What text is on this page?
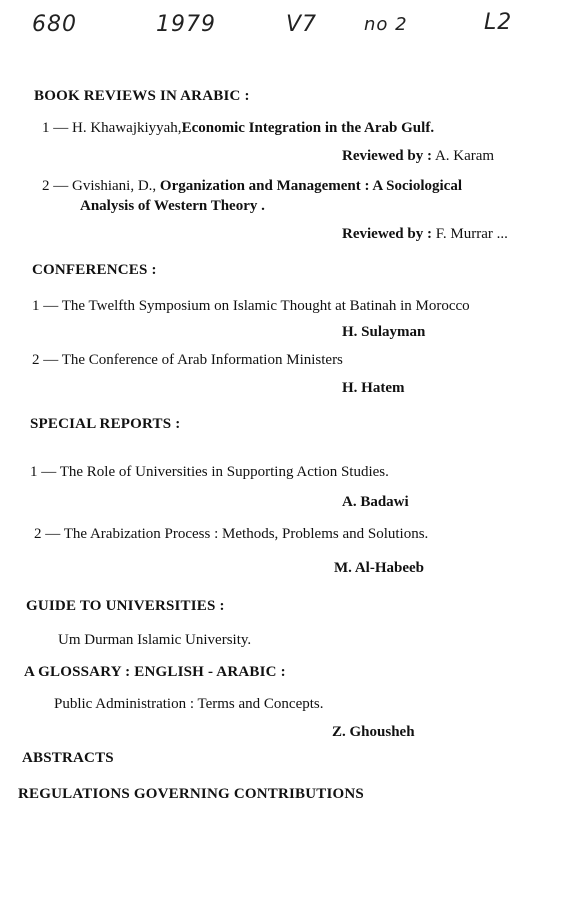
680	1979	V7	no 2	L2
BOOK REVIEWS IN ARABIC :
1 — H. Khawajkiyyah,Economic Integration in the Arab Gulf.
Reviewed by : A. Karam
2 — Gvishiani, D., Organization and Management : A Sociological
Analysis of Western Theory .
Reviewed by : F. Murrar ...
CONFERENCES :
1 — The Twelfth Symposium on Islamic Thought at Batinah in Morocco
H. Sulayman
2 — The Conference of Arab Information Ministers
H. Hatem
SPECIAL REPORTS :
1 — The Role of Universities in Supporting Action Studies.
A. Badawi
2 — The Arabization Process : Methods, Problems and Solutions.
M. Al-Habeeb
GUIDE TO UNIVERSITIES :
Um Durman Islamic University.
A GLOSSARY : ENGLISH - ARABIC :
Public Administration : Terms and Concepts.
Z. Ghousheh
ABSTRACTS
REGULATIONS GOVERNING CONTRIBUTIONS
